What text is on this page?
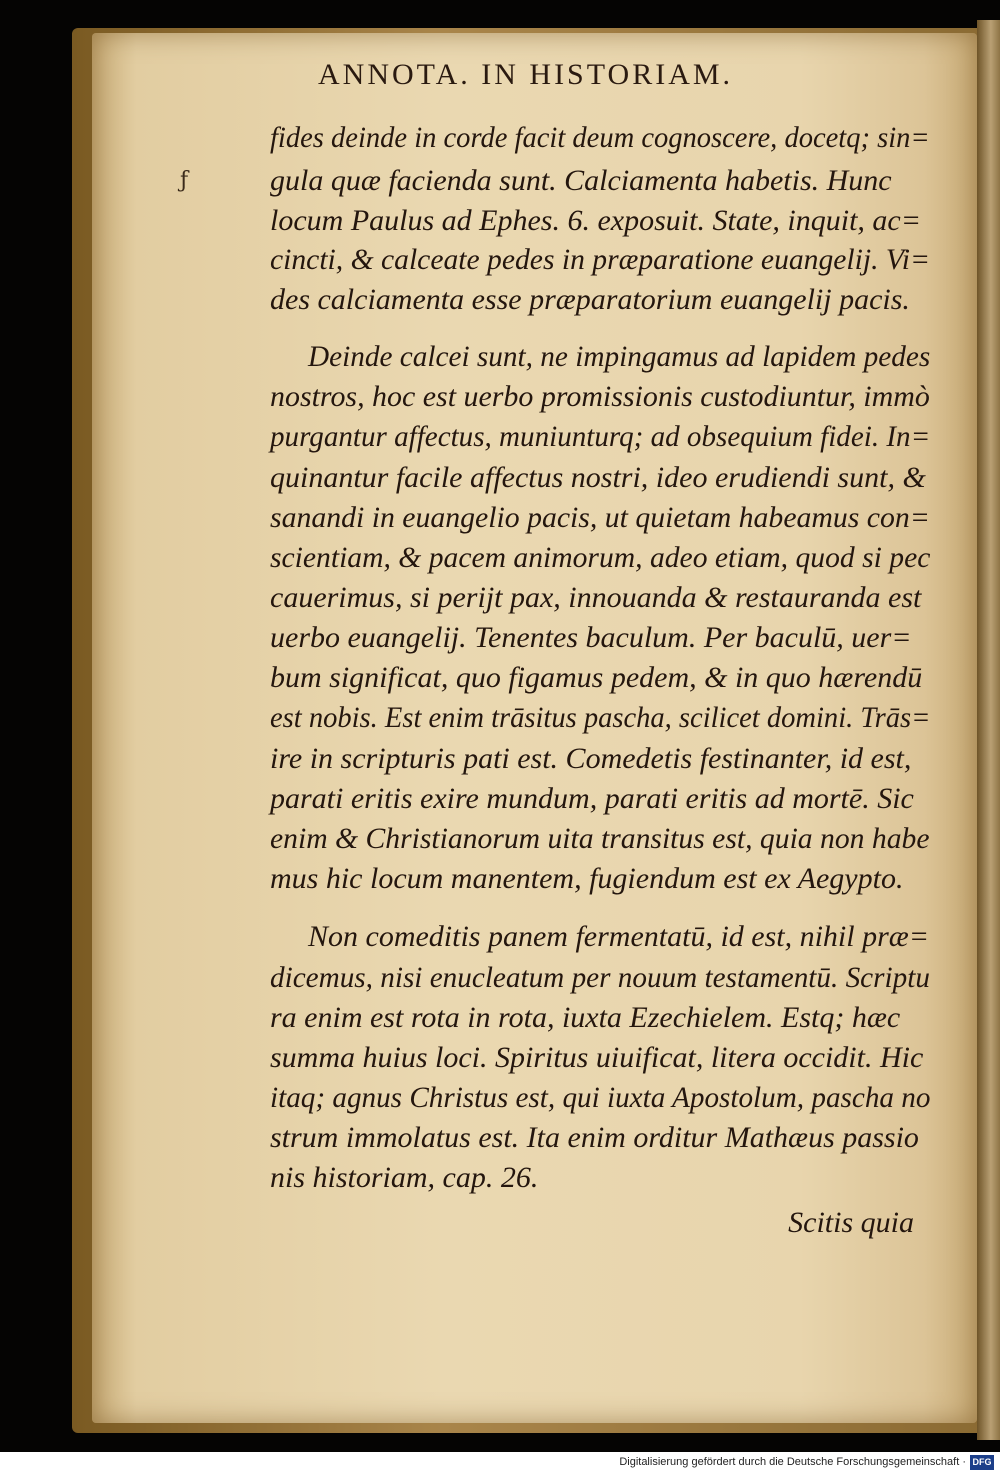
ANNOTA. IN HISTORIAM.
ƒ
fides deinde in corde facit deum cognoscere, docetq; sin=
gula quæ facienda sunt. Calciamenta habetis. Hunc
locum Paulus ad Ephes. 6. exposuit. State, inquit, ac=
cincti, & calceate pedes in præparatione euangelij. Vi=
des calciamenta esse præparatorium euangelij pacis.
Deinde calcei sunt, ne impingamus ad lapidem pedes
nostros, hoc est uerbo promissionis custodiuntur, immò
purgantur affectus, muniunturq; ad obsequium fidei. In=
quinantur facile affectus nostri, ideo erudiendi sunt, &
sanandi in euangelio pacis, ut quietam habeamus con=
scientiam, & pacem animorum, adeo etiam, quod si pec
cauerimus, si perijt pax, innouanda & restauranda est
uerbo euangelij. Tenentes baculum. Per baculū, uer=
bum significat, quo figamus pedem, & in quo hærendū
est nobis. Est enim trāsitus pascha, scilicet domini. Trās=
ire in scripturis pati est. Comedetis festinanter, id est,
parati eritis exire mundum, parati eritis ad mortē. Sic
enim & Christianorum uita transitus est, quia non habe
mus hic locum manentem, fugiendum est ex Aegypto.
Non comeditis panem fermentatū, id est, nihil præ=
dicemus, nisi enucleatum per nouum testamentū. Scriptu
ra enim est rota in rota, iuxta Ezechielem. Estq; hæc
summa huius loci. Spiritus uiuificat, litera occidit. Hic
itaq; agnus Christus est, qui iuxta Apostolum, pascha no
strum immolatus est. Ita enim orditur Mathæus passio
nis historiam, cap. 26.
Scitis quia
Digitalisierung gefördert durch die Deutsche Forschungsgemeinschaft · DFG
